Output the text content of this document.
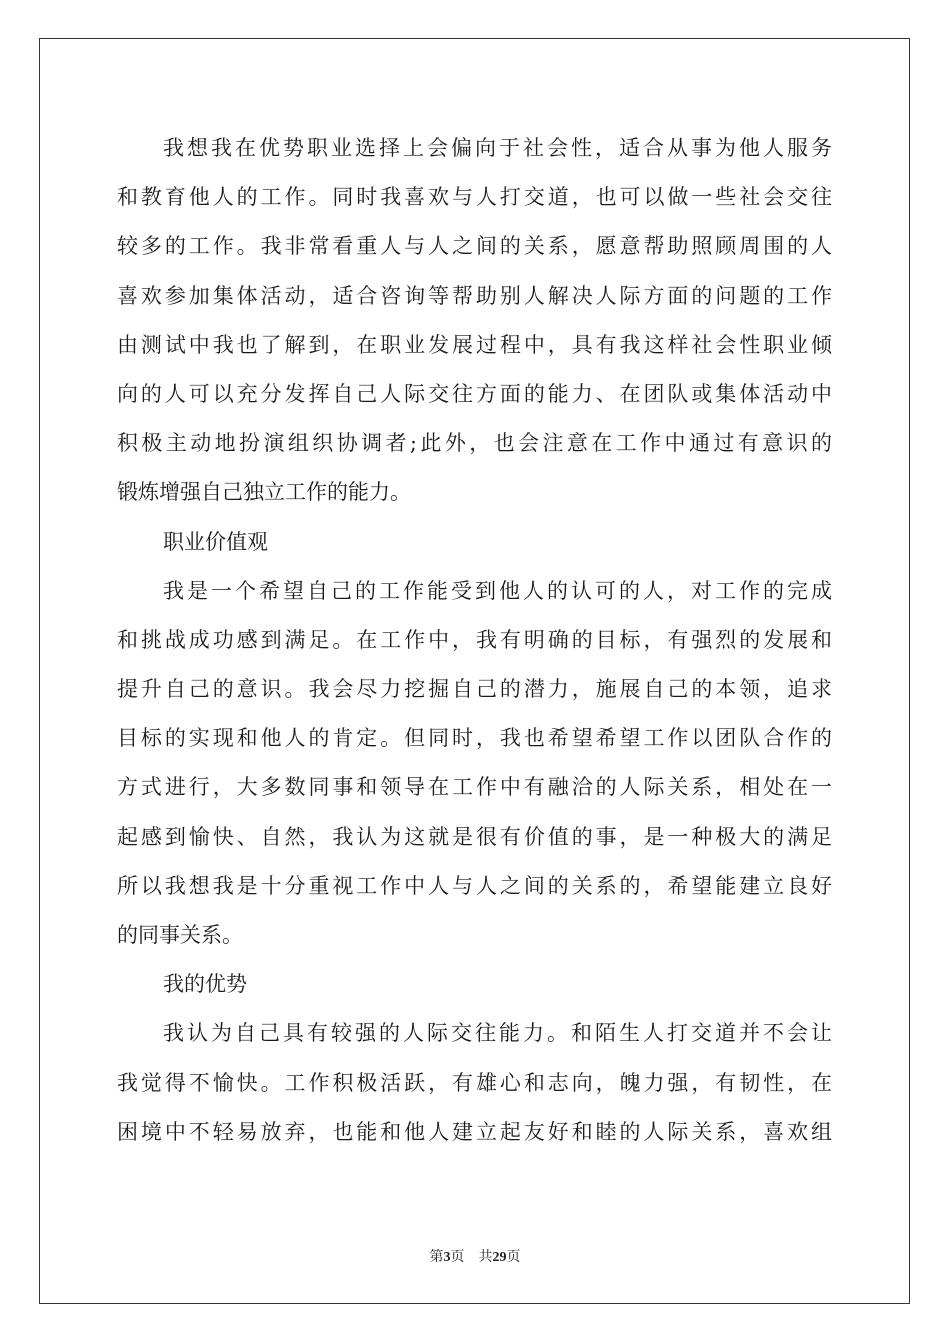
我想我在优势职业选择上会偏向于社会性，适合从事为他人服务
和教育他人的工作。同时我喜欢与人打交道，也可以做一些社会交往
较多的工作。我非常看重人与人之间的关系，愿意帮助照顾周围的人
喜欢参加集体活动，适合咨询等帮助别人解决人际方面的问题的工作
由测试中我也了解到，在职业发展过程中，具有我这样社会性职业倾
向的人可以充分发挥自己人际交往方面的能力、在团队或集体活动中
积极主动地扮演组织协调者;此外，也会注意在工作中通过有意识的
锻炼增强自己独立工作的能力。
职业价值观
我是一个希望自己的工作能受到他人的认可的人，对工作的完成
和挑战成功感到满足。在工作中，我有明确的目标，有强烈的发展和
提升自己的意识。我会尽力挖掘自己的潜力，施展自己的本领，追求
目标的实现和他人的肯定。但同时，我也希望希望工作以团队合作的
方式进行，大多数同事和领导在工作中有融洽的人际关系，相处在一
起感到愉快、自然，我认为这就是很有价值的事，是一种极大的满足
所以我想我是十分重视工作中人与人之间的关系的，希望能建立良好
的同事关系。
我的优势
我认为自己具有较强的人际交往能力。和陌生人打交道并不会让
我觉得不愉快。工作积极活跃，有雄心和志向，魄力强，有韧性，在
困境中不轻易放弃，也能和他人建立起友好和睦的人际关系，喜欢组
第3页 共29页
